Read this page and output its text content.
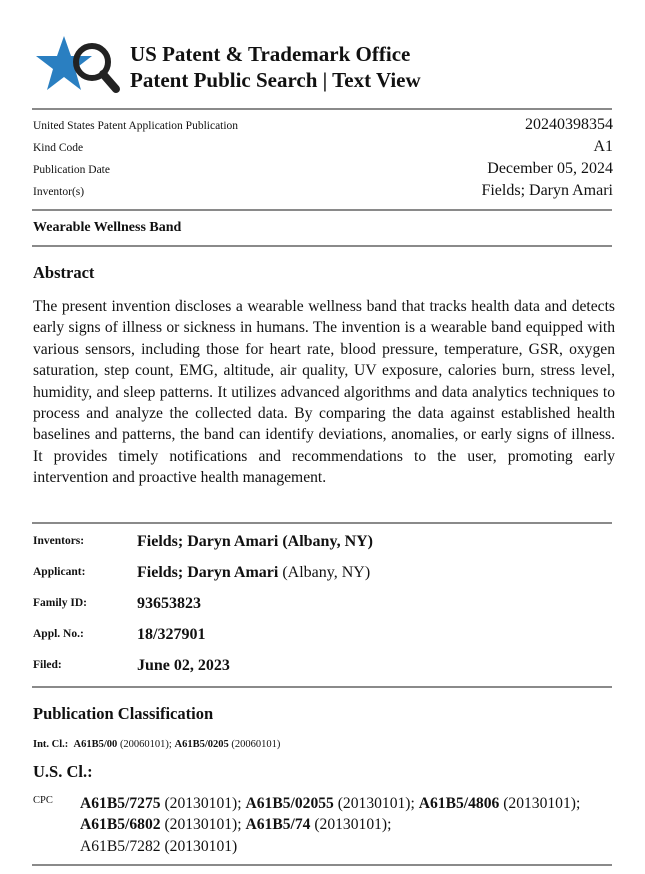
US Patent & Trademark Office
Patent Public Search | Text View
United States Patent Application Publication	20240398354
Kind Code	A1
Publication Date	December 05, 2024
Inventor(s)	Fields; Daryn Amari
Wearable Wellness Band
Abstract
The present invention discloses a wearable wellness band that tracks health data and detects early signs of illness or sickness in humans. The invention is a wearable band equipped with various sensors, including those for heart rate, blood pressure, temperature, GSR, oxygen saturation, step count, EMG, altitude, air quality, UV exposure, calories burn, stress level, humidity, and sleep patterns. It utilizes advanced algorithms and data analytics techniques to process and analyze the collected data. By comparing the data against established health baselines and patterns, the band can identify deviations, anomalies, or early signs of illness. It provides timely notifications and recommendations to the user, promoting early intervention and proactive health management.
Inventors:	Fields; Daryn Amari (Albany, NY)
Applicant:	Fields; Daryn Amari (Albany, NY)
Family ID:	93653823
Appl. No.:	18/327901
Filed:	June 02, 2023
Publication Classification
Int. Cl.: A61B5/00 (20060101); A61B5/0205 (20060101)
U.S. Cl.:
CPC A61B5/7275 (20130101); A61B5/02055 (20130101); A61B5/4806 (20130101); A61B5/6802 (20130101); A61B5/74 (20130101);
A61B5/7282 (20130101)
